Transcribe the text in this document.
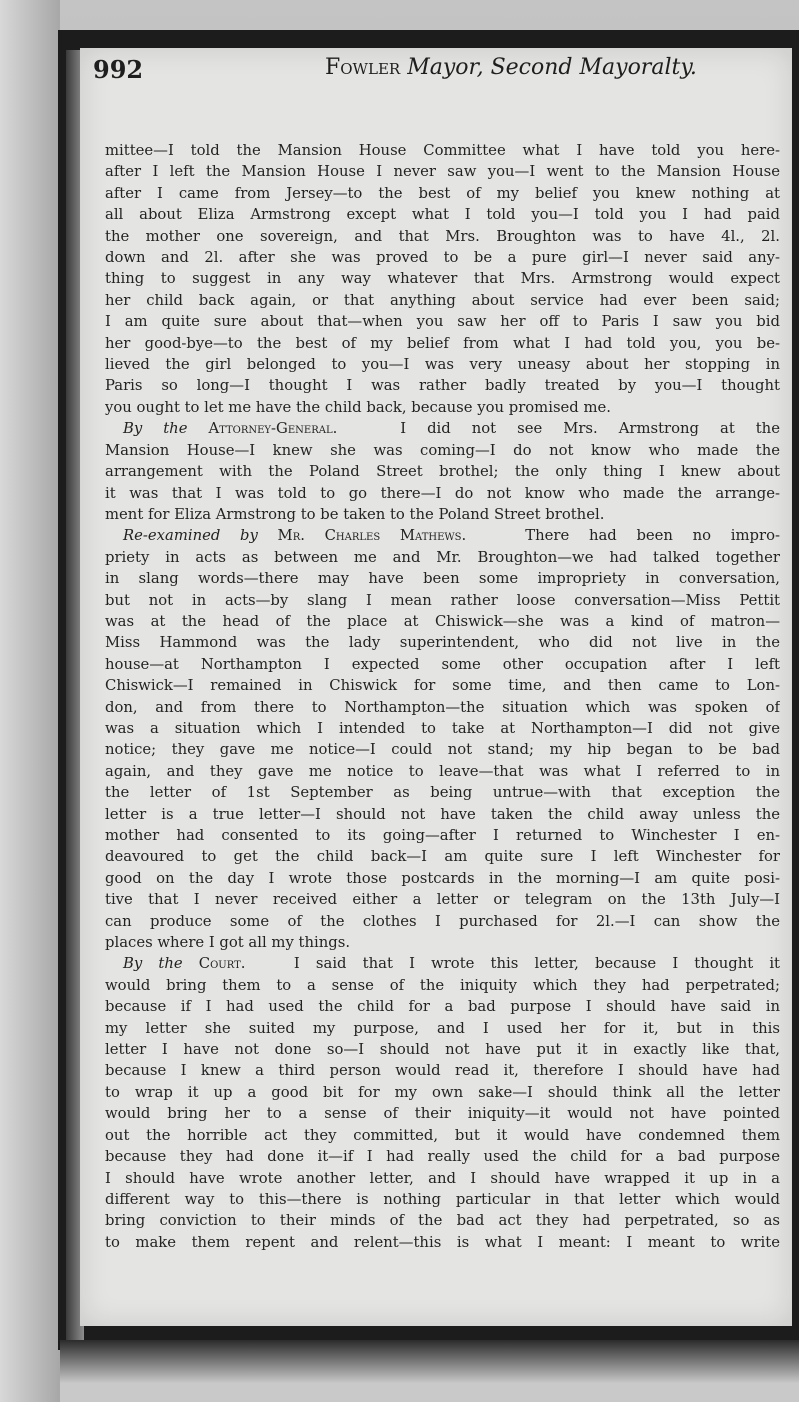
992	Fowler Mayor, Second Mayoralty.
mittee—I told the Mansion House Committee what I have told you here-
after I left the Mansion House I never saw you—I went to the Mansion House
after I came from Jersey—to the best of my belief you knew nothing at
all about Eliza Armstrong except what I told you—I told you I had paid
the mother one sovereign, and that Mrs. Broughton was to have 4l., 2l.
down and 2l. after she was proved to be a pure girl—I never said any-
thing to suggest in any way whatever that Mrs. Armstrong would expect
her child back again, or that anything about service had ever been said;
I am quite sure about that—when you saw her off to Paris I saw you bid
her good-bye—to the best of my belief from what I had told you, you be-
lieved the girl belonged to you—I was very uneasy about her stopping in
Paris so long—I thought I was rather badly treated by you—I thought
you ought to let me have the child back, because you promised me.
By the Attorney-General.	I did not see Mrs. Armstrong at the
Mansion House—I knew she was coming—I do not know who made the
arrangement with the Poland Street brothel; the only thing I knew about
it was that I was told to go there—I do not know who made the arrange-
ment for Eliza Armstrong to be taken to the Poland Street brothel.
Re-examined by Mr. Charles Mathews.	There had been no impro-
priety in acts as between me and Mr. Broughton—we had talked together
in slang words—there may have been some impropriety in conversation,
but not in acts—by slang I mean rather loose conversation—Miss Pettit
was at the head of the place at Chiswick—she was a kind of matron—
Miss Hammond was the lady superintendent, who did not live in the
house—at Northampton I expected some other occupation after I left
Chiswick—I remained in Chiswick for some time, and then came to Lon-
don, and from there to Northampton—the situation which was spoken of
was a situation which I intended to take at Northampton—I did not give
notice; they gave me notice—I could not stand; my hip began to be bad
again, and they gave me notice to leave—that was what I referred to in
the letter of 1st September as being untrue—with that exception the
letter is a true letter—I should not have taken the child away unless the
mother had consented to its going—after I returned to Winchester I en-
deavoured to get the child back—I am quite sure I left Winchester for
good on the day I wrote those postcards in the morning—I am quite posi-
tive that I never received either a letter or telegram on the 13th July—I
can produce some of the clothes I purchased for 2l.—I can show the
places where I got all my things.
By the Court.	I said that I wrote this letter, because I thought it
would bring them to a sense of the iniquity which they had perpetrated;
because if I had used the child for a bad purpose I should have said in
my letter she suited my purpose, and I used her for it, but in this
letter I have not done so—I should not have put it in exactly like that,
because I knew a third person would read it, therefore I should have had
to wrap it up a good bit for my own sake—I should think all the letter
would bring her to a sense of their iniquity—it would not have pointed
out the horrible act they committed, but it would have condemned them
because they had done it—if I had really used the child for a bad purpose
I should have wrote another letter, and I should have wrapped it up in a
different way to this—there is nothing particular in that letter which would
bring conviction to their minds of the bad act they had perpetrated, so as
to make them repent and relent—this is what I meant: I meant to write
